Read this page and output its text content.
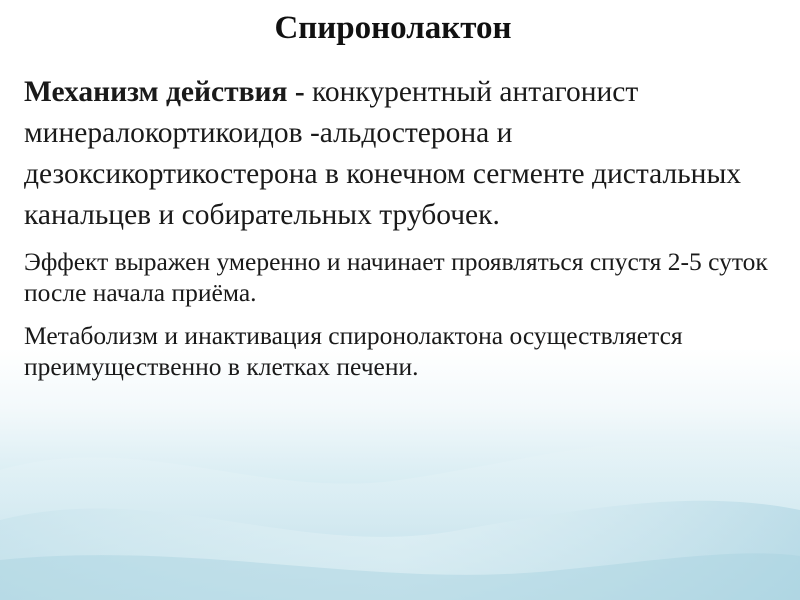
Спиронолактон

Механизм действия - конкурентный антагонист минералокортикоидов -альдостерона и дезоксикортикостерона в конечном сегменте дистальных канальцев и собирательных трубочек.

Эффект выражен умеренно и начинает проявляться спустя 2-5 суток после начала приёма.

Метаболизм и инактивация спиронолактона осуществляется преимущественно в клетках печени.
